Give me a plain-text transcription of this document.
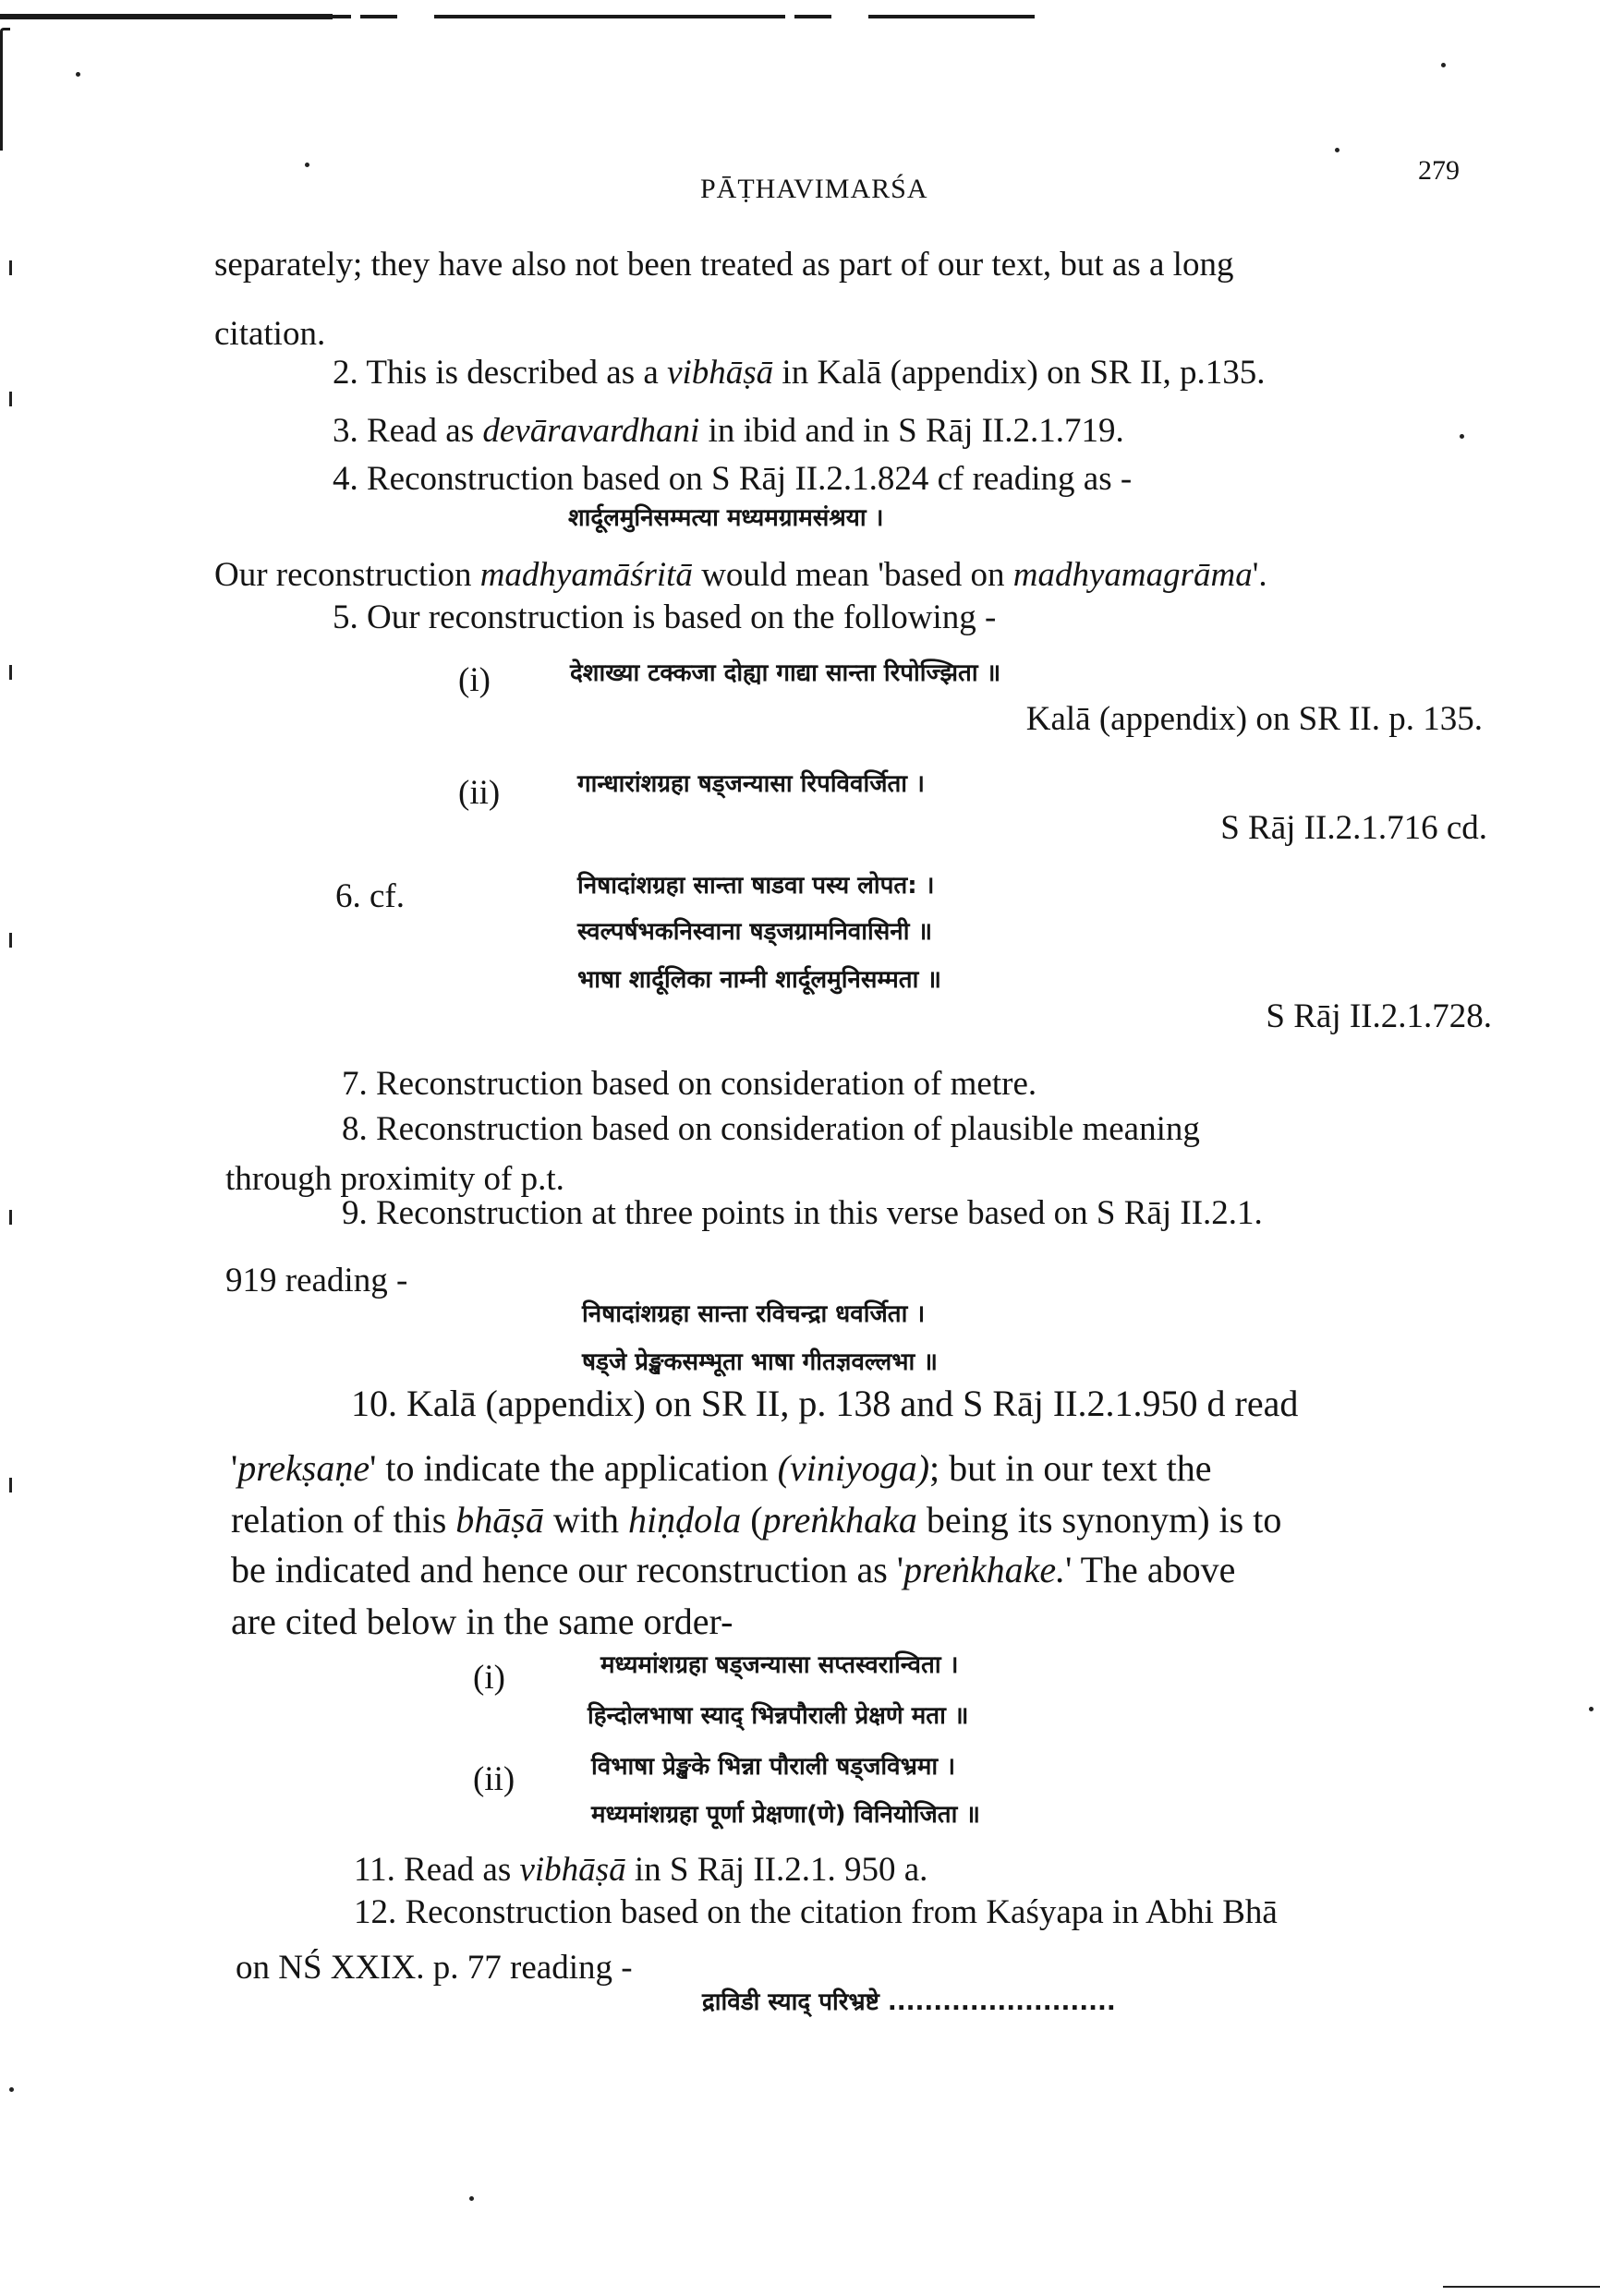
PĀṬHAVIMARŚA
279
separately; they have also not been treated as part of our text, but as a long
citation.
2. This is described as a vibhāṣā in Kalā (appendix) on SR II, p.135.
3. Read as devāravardhani in ibid and in S Rāj II.2.1.719.
4. Reconstruction based on S Rāj II.2.1.824 cf reading as -
शार्दूलमुनिसम्मत्या मध्यमग्रामसंश्रया ।
Our reconstruction madhyamāśritā would mean 'based on madhyamagrāma'.
5. Our reconstruction is based on the following -
(i)	देशाख्या टक्कजा दोह्या गाद्या सान्ता रिपोज्झिता ॥
Kalā (appendix) on SR II. p. 135.
(ii)	गान्धारांशग्रहा षड्जन्यासा रिपविवर्जिता ।
S Rāj II.2.1.716 cd.
6. cf.	निषादांशग्रहा सान्ता षाडवा पस्य लोपत: ।
स्वल्पर्षभकनिस्वाना षड्जग्रामनिवासिनी ॥
भाषा शार्दूलिका नाम्नी शार्दूलमुनिसम्मता ॥
S Rāj II.2.1.728.
7. Reconstruction based on consideration of metre.
8. Reconstruction based on consideration of plausible meaning
through proximity of p.t.
9. Reconstruction at three points in this verse based on S Rāj II.2.1.
919 reading -
निषादांशग्रहा सान्ता रविचन्द्रा धवर्जिता ।
षड्जे प्रेङ्खकसम्भूता भाषा गीतज्ञवल्लभा ॥
10. Kalā (appendix) on SR II, p. 138 and S Rāj II.2.1.950 d read
'prekṣaṇe' to indicate the application (viniyoga); but in our text the
relation of this bhāṣā with hiṇḍola (preṅkhaka being its synonym) is to
be indicated and hence our reconstruction as 'preṅkhake.' The above
are cited below in the same order-
(i)	मध्यमांशग्रहा षड्जन्यासा सप्तस्वरान्विता ।
हिन्दोलभाषा स्याद् भिन्नपौराली प्रेक्षणे मता ॥
(ii)	विभाषा प्रेङ्खके भिन्ना पौराली षड्जविभ्रमा ।
मध्यमांशग्रहा पूर्णा प्रेक्षणा(णे) विनियोजिता ॥
11. Read as vibhāṣā in S Rāj II.2.1. 950 a.
12. Reconstruction based on the citation from Kaśyapa in Abhi Bhā
on NŚ XXIX. p. 77 reading -
द्राविडी स्याद् परिभ्रष्टे .........................
